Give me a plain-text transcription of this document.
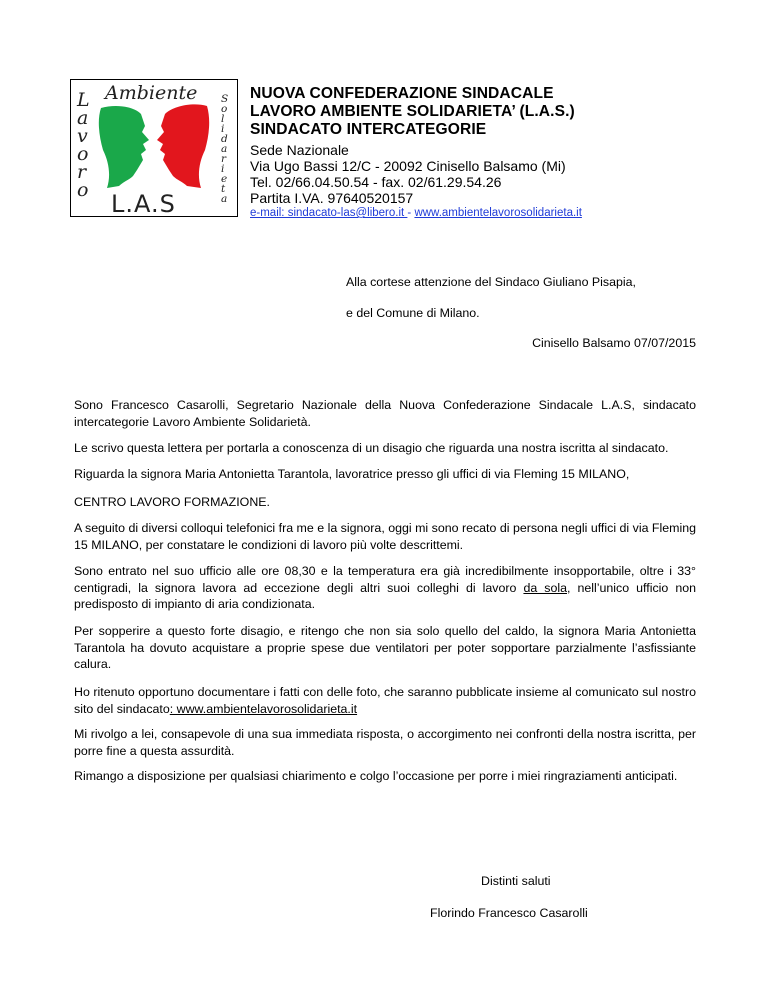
Ambiente
L
a
v
o
r
o
S
o
l
i
d
a
r
i
e
t
a
L.A.S
NUOVA CONFEDERAZIONE SINDACALE
LAVORO AMBIENTE SOLIDARIETA’ (L.A.S.)
SINDACATO INTERCATEGORIE
Sede Nazionale
Via Ugo Bassi 12/C - 20092 Cinisello Balsamo (Mi)
Tel. 02/66.04.50.54 - fax. 02/61.29.54.26
Partita I.VA. 97640520157
e-mail: sindacato-las@libero.it - www.ambientelavorosolidarieta.it
Alla cortese attenzione del Sindaco Giuliano Pisapia,
e del Comune di Milano.
Cinisello Balsamo 07/07/2015
Sono Francesco Casarolli, Segretario Nazionale della Nuova Confederazione Sindacale L.A.S, sindacato intercategorie Lavoro Ambiente Solidarietà.
Le scrivo questa lettera per portarla a conoscenza di un disagio che riguarda una nostra iscritta al sindacato.
Riguarda la signora Maria Antonietta Tarantola, lavoratrice presso gli uffici di via Fleming 15 MILANO,
CENTRO LAVORO FORMAZIONE.
A seguito di diversi colloqui telefonici fra me e la signora, oggi mi sono recato di persona negli uffici di via Fleming 15 MILANO, per constatare le condizioni di lavoro più volte descrittemi.
Sono entrato nel suo ufficio alle ore 08,30 e la temperatura era già incredibilmente insopportabile, oltre i 33° centigradi, la signora lavora ad eccezione degli altri suoi colleghi di lavoro da sola, nell’unico ufficio non predisposto di impianto di aria condizionata.
Per sopperire a questo forte disagio, e ritengo che non sia solo quello del caldo, la signora Maria Antonietta Tarantola ha dovuto acquistare a proprie spese due ventilatori per poter sopportare parzialmente l’asfissiante calura.
Ho ritenuto opportuno documentare i fatti con delle foto, che saranno pubblicate insieme al comunicato sul nostro sito del sindacato: www.ambientelavorosolidarieta.it
Mi rivolgo a lei, consapevole di una sua immediata risposta, o accorgimento nei confronti della nostra iscritta, per porre fine a questa assurdità.
Rimango a disposizione per qualsiasi chiarimento e colgo l’occasione per porre i miei ringraziamenti anticipati.
Distinti saluti
Florindo Francesco Casarolli
